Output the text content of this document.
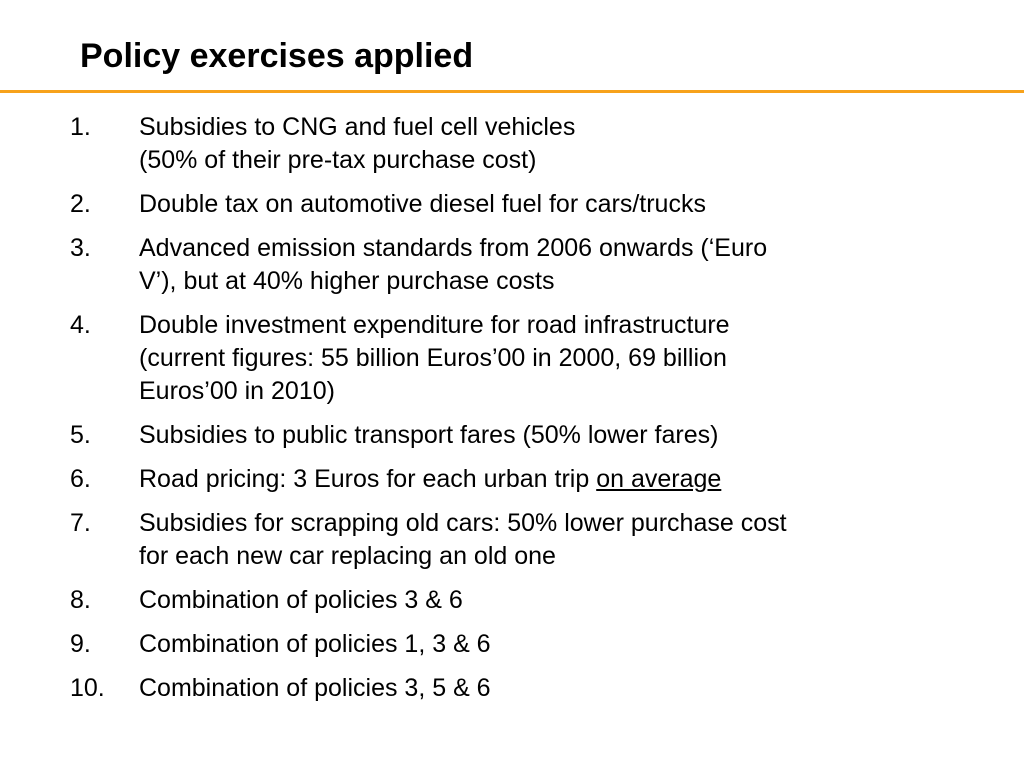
Policy exercises applied
1. Subsidies to CNG and fuel cell vehicles
(50% of their pre-tax purchase cost)
2. Double tax on automotive diesel fuel for cars/trucks
3. Advanced emission standards from 2006 onwards (‘Euro
V’), but at 40% higher purchase costs
4. Double investment expenditure for road infrastructure
(current figures: 55 billion Euros’00 in 2000, 69 billion
Euros’00 in 2010)
5. Subsidies to public transport fares (50% lower fares)
6. Road pricing: 3 Euros for each urban trip on average
7. Subsidies for scrapping old cars: 50% lower purchase cost
for each new car replacing an old one
8. Combination of policies 3 & 6
9. Combination of policies 1, 3 & 6
10. Combination of policies 3, 5 & 6
